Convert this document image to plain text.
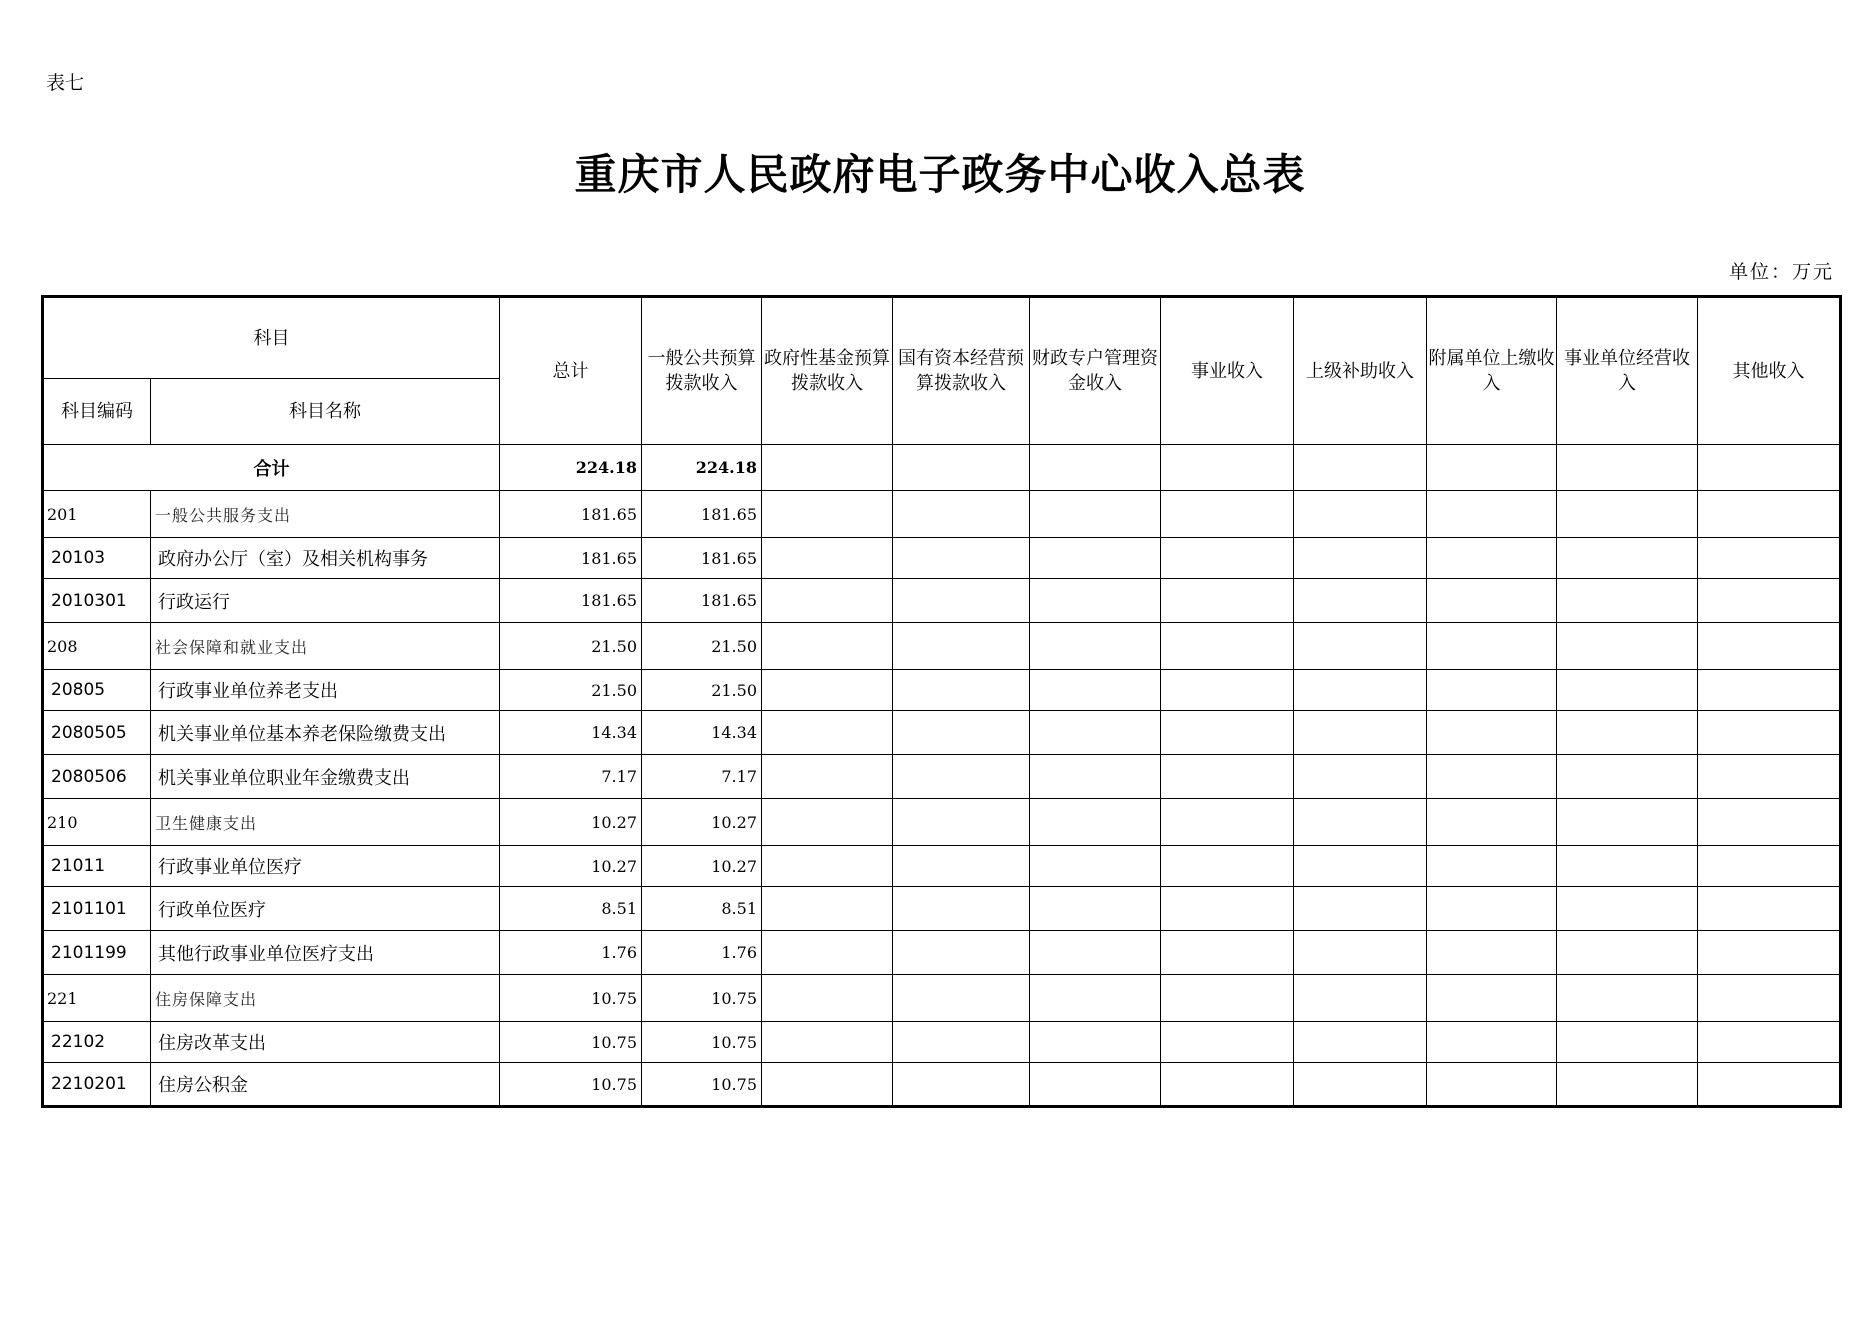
表七
重庆市人民政府电子政务中心收入总表
单位：万元
科目		总计	一般公共预算拨款收入	政府性基金预算拨款收入	国有资本经营预算拨款收入	财政专户管理资金收入	事业收入	上级补助收入	附属单位上缴收入	事业单位经营收入	其他收入
科目编码	科目名称										
合计		224.18	224.18								
201	一般公共服务支出	181.65	181.65								
20103	政府办公厅（室）及相关机构事务	181.65	181.65								
2010301	行政运行	181.65	181.65								
208	社会保障和就业支出	21.50	21.50								
20805	行政事业单位养老支出	21.50	21.50								
2080505	机关事业单位基本养老保险缴费支出	14.34	14.34								
2080506	机关事业单位职业年金缴费支出	7.17	7.17								
210	卫生健康支出	10.27	10.27								
21011	行政事业单位医疗	10.27	10.27								
2101101	行政单位医疗	8.51	8.51								
2101199	其他行政事业单位医疗支出	1.76	1.76								
221	住房保障支出	10.75	10.75								
22102	住房改革支出	10.75	10.75								
2210201	住房公积金	10.75	10.75								
